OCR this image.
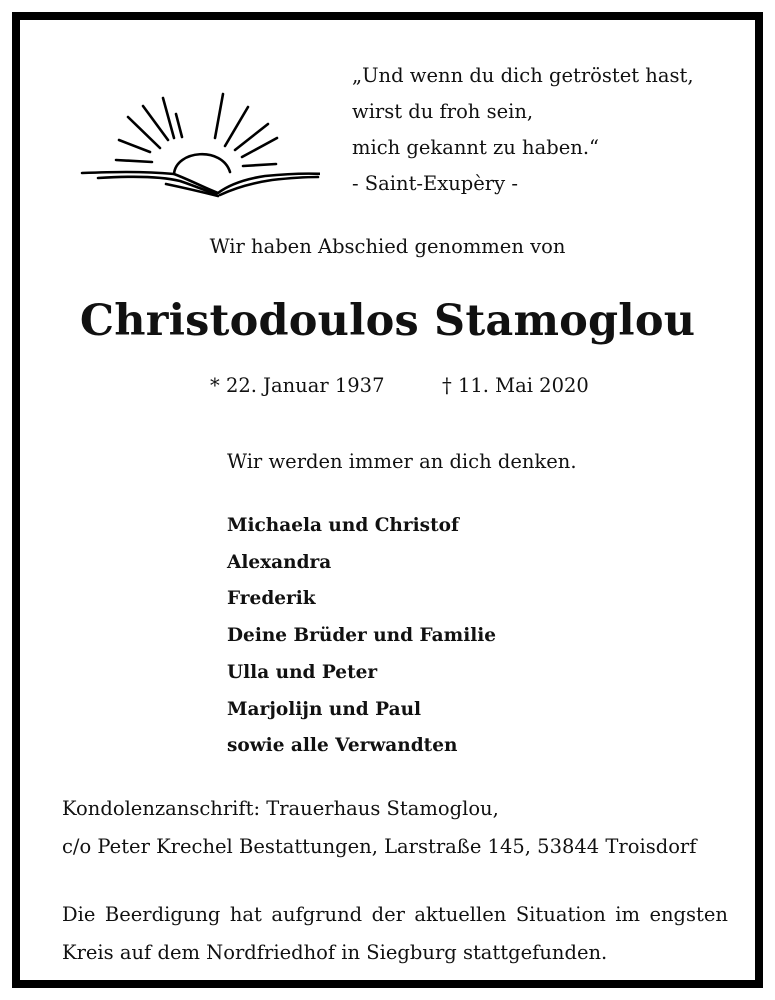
„Und wenn du dich getröstet hast,
wirst du froh sein,
mich gekannt zu haben.“
- Saint-Exupèry -
Wir haben Abschied genommen von
Christodoulos Stamoglou
* 22. Januar 1937	† 11. Mai 2020
Wir werden immer an dich denken.
Michaela und Christof
Alexandra
Frederik
Deine Brüder und Familie
Ulla und Peter
Marjolijn und Paul
sowie alle Verwandten
Kondolenzanschrift: Trauerhaus Stamoglou,
c/o Peter Krechel Bestattungen, Larstraße 145, 53844 Troisdorf
Die Beerdigung hat aufgrund der aktuellen Situation im engsten
Kreis auf dem Nordfriedhof in Siegburg stattgefunden.
